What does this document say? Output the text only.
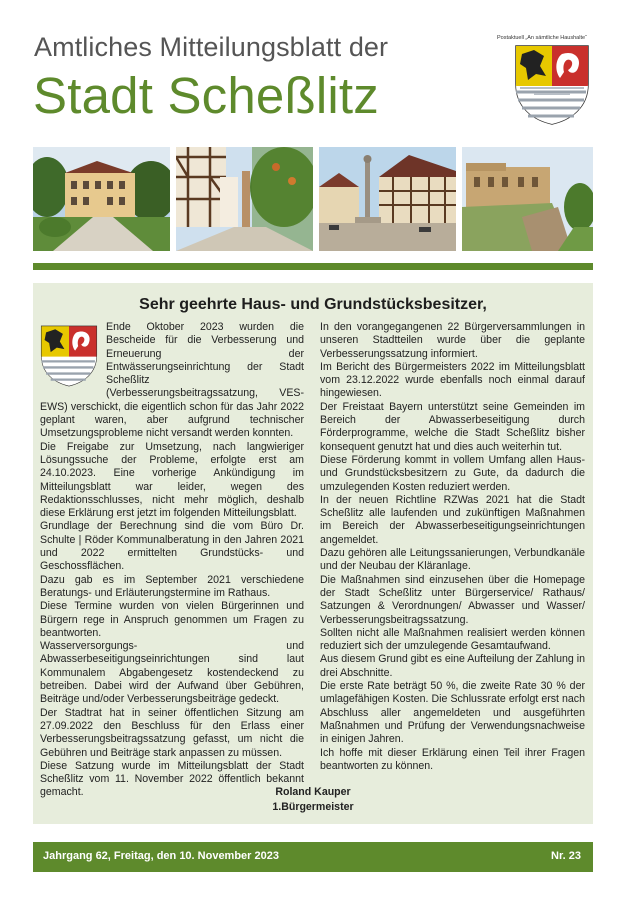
Amtliches Mitteilungsblatt der
Stadt Scheßlitz
Postaktuell „An sämtliche Haushalte“
Sehr geehrte Haus- und Grundstücksbesitzer,

Ende Oktober 2023 wurden die Bescheide für die Verbesserung und Erneuerung der Entwässerungseinrichtung der Stadt Scheßlitz (Verbesserungsbeitragssatzung, VES-EWS) verschickt, die eigentlich schon für das Jahr 2022 geplant waren, aber aufgrund technischer Umsetzungsprobleme nicht versandt werden konnten.

Die Freigabe zur Umsetzung, nach langwieriger Lösungssuche der Probleme, erfolgte erst am 24.10.2023. Eine vorherige Ankündigung im Mitteilungsblatt war leider, wegen des Redaktionsschlusses, nicht mehr möglich, deshalb diese Erklärung erst jetzt im folgenden Mitteilungsblatt.

Grundlage der Berechnung sind die vom Büro Dr. Schulte | Röder Kommunalberatung in den Jahren 2021 und 2022 ermittelten Grundstücks- und Geschossflächen.

Dazu gab es im September 2021 verschiedene Beratungs- und Erläuterungstermine im Rathaus.

Diese Termine wurden von vielen Bürgerinnen und Bürgern rege in Anspruch genommen um Fragen zu beantworten.

Wasserversorgungs- und Abwasserbeseitigungseinrichtungen sind laut Kommunalem Abgabengesetz kostendeckend zu betreiben. Dabei wird der Aufwand über Gebühren, Beiträge und/oder Verbesserungsbeiträge gedeckt.

Der Stadtrat hat in seiner öffentlichen Sitzung am 27.09.2022 den Beschluss für den Erlass einer Verbesserungsbeitragssatzung gefasst, um nicht die Gebühren und Beiträge stark anpassen zu müssen.

Diese Satzung wurde im Mitteilungsblatt der Stadt Scheßlitz vom 11. November 2022 öffentlich bekannt gemacht.

In den vorangegangenen 22 Bürgerversammlungen in unseren Stadtteilen wurde über die geplante Verbesserungssatzung informiert.

Im Bericht des Bürgermeisters 2022 im Mitteilungsblatt vom 23.12.2022 wurde ebenfalls noch einmal darauf hingewiesen.

Der Freistaat Bayern unterstützt seine Gemeinden im Bereich der Abwasserbeseitigung durch Förderprogramme, welche die Stadt Scheßlitz bisher konsequent genutzt hat und dies auch weiterhin tut.

Diese Förderung kommt in vollem Umfang allen Haus- und Grundstücksbesitzern zu Gute, da dadurch die umzulegenden Kosten reduziert werden.

In der neuen Richtline RZWas 2021 hat die Stadt Scheßlitz alle laufenden und zukünftigen Maßnahmen im Bereich der Abwasserbeseitigungseinrichtungen angemeldet.

Dazu gehören alle Leitungssanierungen, Verbundkanäle und der Neubau der Kläranlage.

Die Maßnahmen sind einzusehen über die Homepage der Stadt Scheßlitz unter Bürgerservice/ Rathaus/ Satzungen & Verordnungen/ Abwasser und Wasser/ Verbesserungsbeitragssatzung.

Sollten nicht alle Maßnahmen realisiert werden können reduziert sich der umzulegende Gesamtaufwand.

Aus diesem Grund gibt es eine Aufteilung der Zahlung in drei Abschnitte.

Die erste Rate beträgt 50 %, die zweite Rate 30 % der umlagefähigen Kosten. Die Schlussrate erfolgt erst nach Abschluss aller angemeldeten und ausgeführten Maßnahmen und Prüfung der Verwendungsnachweise in einigen Jahren.

Ich hoffe mit dieser Erklärung einen Teil ihrer Fragen beantworten zu können.

Roland Kauper
1.Bürgermeister
Jahrgang 62, Freitag, den 10. November 2023	Nr. 23
